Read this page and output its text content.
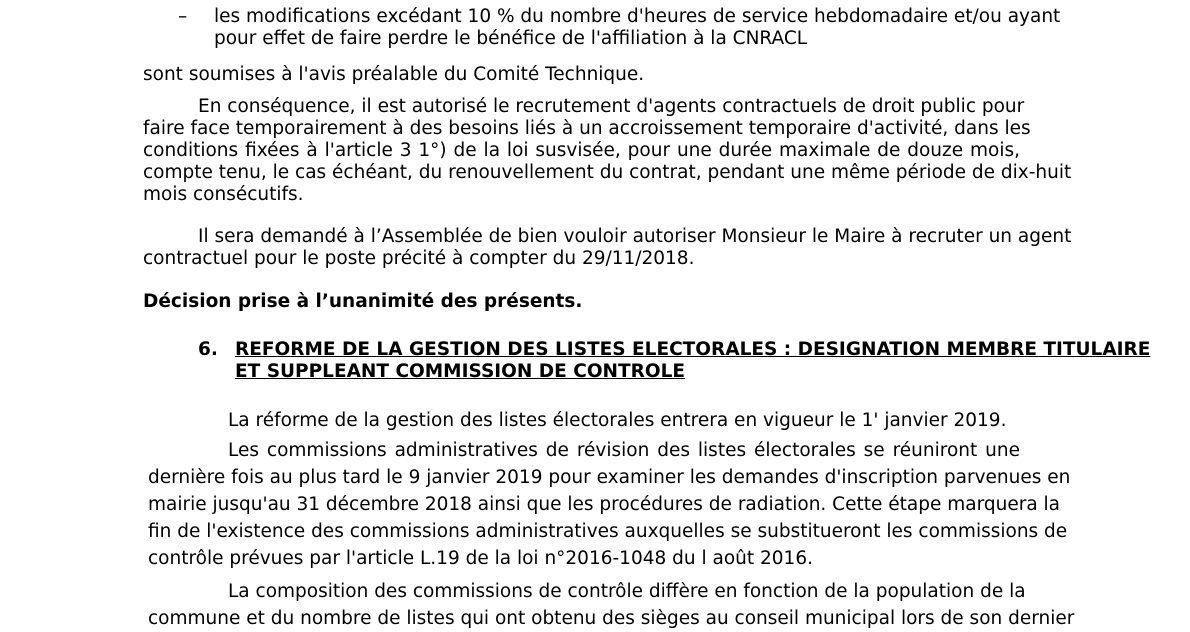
– les modifications excédant 10 % du nombre d'heures de service hebdomadaire et/ou ayant
pour effet de faire perdre le bénéfice de l'affiliation à la CNRACL

sont soumises à l'avis préalable du Comité Technique.

En conséquence, il est autorisé le recrutement d'agents contractuels de droit public pour
faire face temporairement à des besoins liés à un accroissement temporaire d'activité, dans les
conditions fixées à l'article 3 1°) de la loi susvisée, pour une durée maximale de douze mois,
compte tenu, le cas échéant, du renouvellement du contrat, pendant une même période de dix-huit
mois consécutifs.
Il sera demandé à l’Assemblée de bien vouloir autoriser Monsieur le Maire à recruter un agent
contractuel pour le poste précité à compter du 29/11/2018.

Décision prise à l’unanimité des présents.

6. REFORME DE LA GESTION DES LISTES ELECTORALES : DESIGNATION MEMBRE TITULAIRE
ET SUPPLEANT COMMISSION DE CONTROLE

La réforme de la gestion des listes électorales entrera en vigueur le 1' janvier 2019.

Les commissions administratives de révision des listes électorales se réuniront une
dernière fois au plus tard le 9 janvier 2019 pour examiner les demandes d'inscription parvenues en
mairie jusqu'au 31 décembre 2018 ainsi que les procédures de radiation. Cette étape marquera la
fin de l'existence des commissions administratives auxquelles se substitueront les commissions de
contrôle prévues par l'article L.19 de la loi n°2016-1048 du l août 2016.
La composition des commissions de contrôle diffère en fonction de la population de la
commune et du nombre de listes qui ont obtenu des sièges au conseil municipal lors de son dernier
